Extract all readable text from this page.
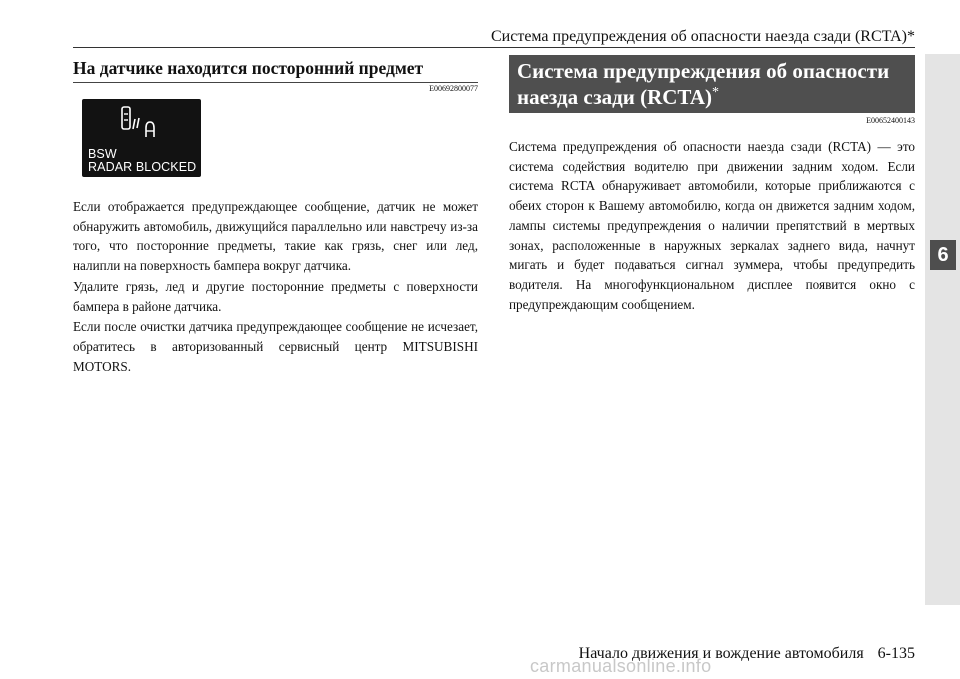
Система предупреждения об опасности наезда сзади (RCTA)*
6
На датчике находится посторонний предмет
E00692800077
BSW
RADAR BLOCKED

Если отображается предупреждающее сообщение, датчик не может обнаружить автомобиль, движущийся параллельно или навстречу из-за того, что посторонние предметы, такие как грязь, снег или лед, налипли на поверхность бампера вокруг датчика.

Удалите грязь, лед и другие посторонние предметы с поверхности бампера в районе датчика.

Если после очистки датчика предупреждающее сообщение не исчезает, обратитесь в авторизованный сервисный центр MITSUBISHI MOTORS.

Система предупреждения об опасности
наезда сзади (RCTA)*
E00652400143

Система предупреждения об опасности наезда сзади (RCTA) — это система содействия водителю при движении задним ходом. Если система RCTA обнаруживает автомобили, которые приближаются с обеих сторон к Вашему автомобилю, когда он движется задним ходом, лампы системы предупреждения о наличии препятствий в мертвых зонах, расположенные в наружных зеркалах заднего вида, начнут мигать и будет подаваться сигнал зуммера, чтобы предупредить водителя. На многофункциональном дисплее появится окно с предупреждающим сообщением.

Начало движения и вождение автомобиля 6-135
carmanualsonline.info
